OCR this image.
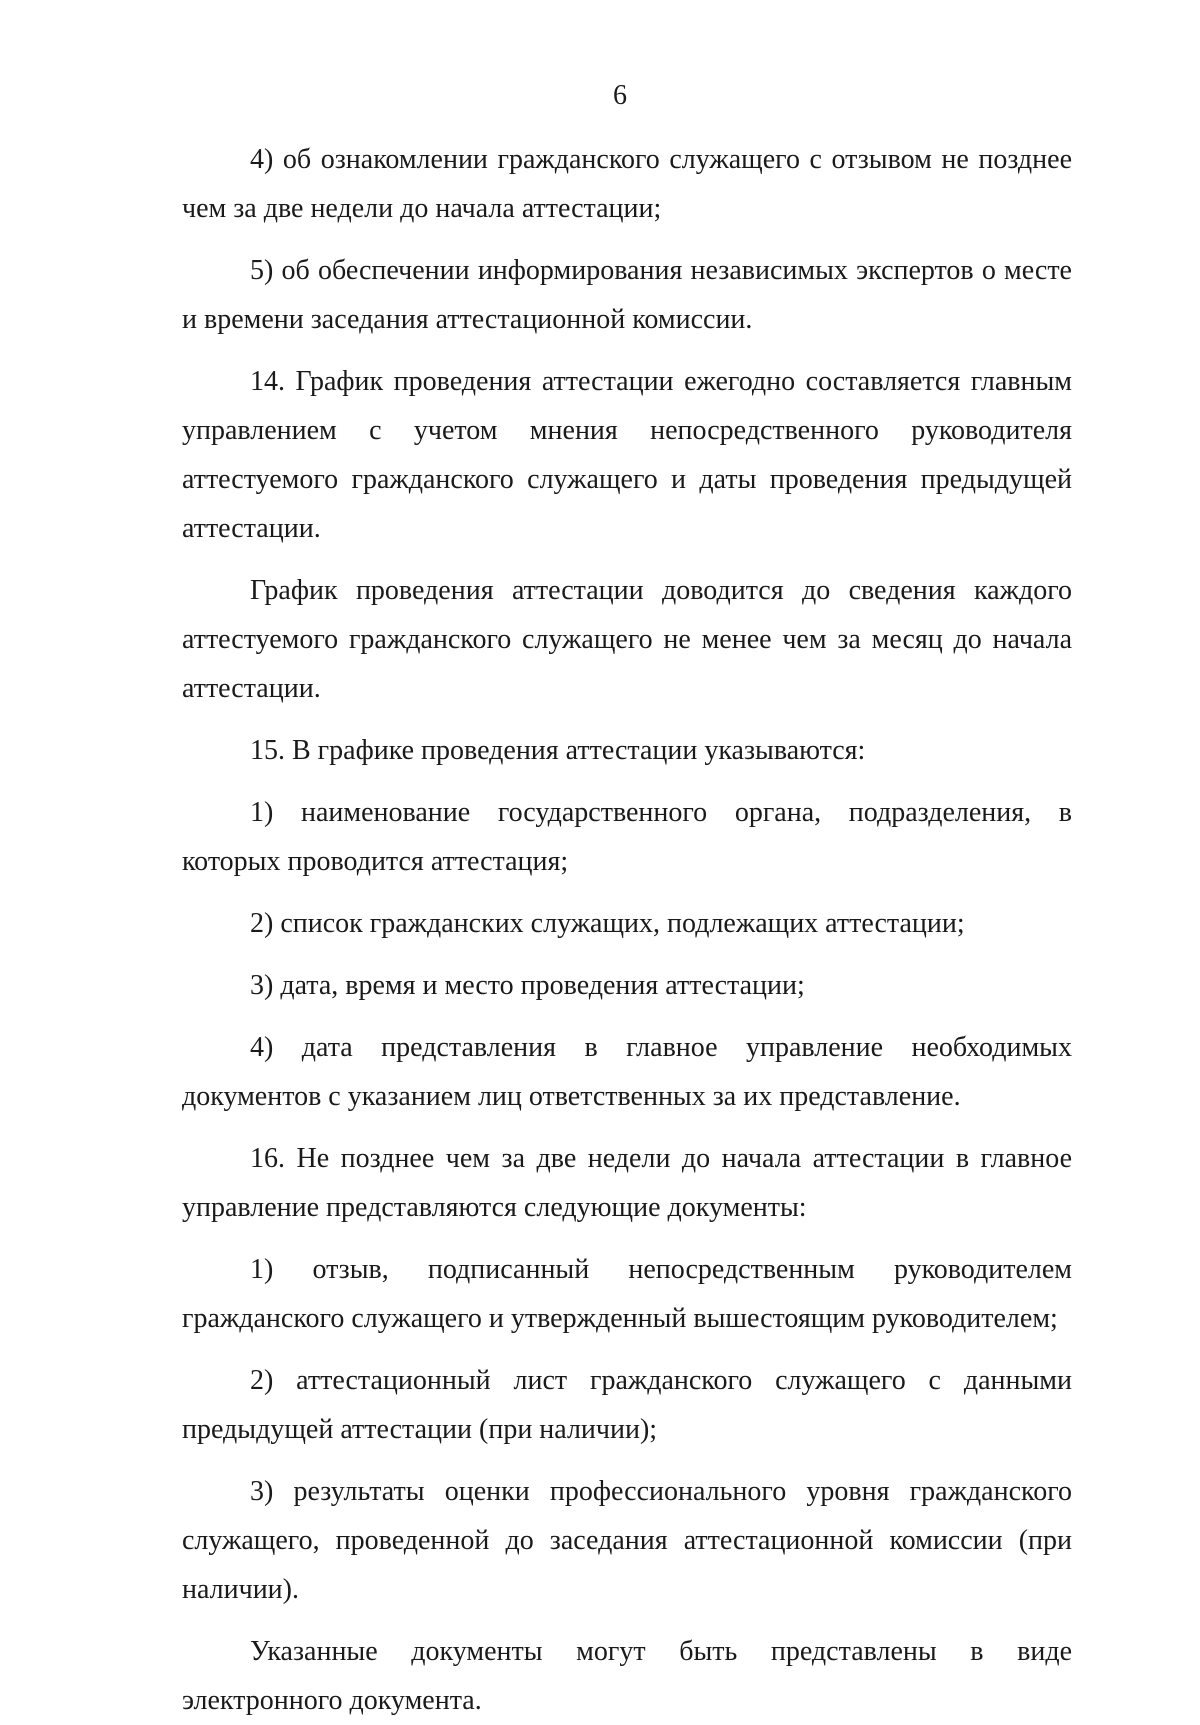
6

4) об ознакомлении гражданского служащего с отзывом не позднее чем за две недели до начала аттестации;

5) об обеспечении информирования независимых экспертов о месте и времени заседания аттестационной комиссии.

14. График проведения аттестации ежегодно составляется главным управлением с учетом мнения непосредственного руководителя аттестуемого гражданского служащего и даты проведения предыдущей аттестации.

График проведения аттестации доводится до сведения каждого аттестуемого гражданского служащего не менее чем за месяц до начала аттестации.

15. В графике проведения аттестации указываются:

1) наименование государственного органа, подразделения, в которых проводится аттестация;

2) список гражданских служащих, подлежащих аттестации;

3) дата, время и место проведения аттестации;

4) дата представления в главное управление необходимых документов с указанием лиц ответственных за их представление.

16. Не позднее чем за две недели до начала аттестации в главное управление представляются следующие документы:

1) отзыв, подписанный непосредственным руководителем гражданского служащего и утвержденный вышестоящим руководителем;

2) аттестационный лист гражданского служащего с данными предыдущей аттестации (при наличии);

3) результаты оценки профессионального уровня гражданского служащего, проведенной до заседания аттестационной комиссии (при наличии).

Указанные документы могут быть представлены в виде электронного документа.
